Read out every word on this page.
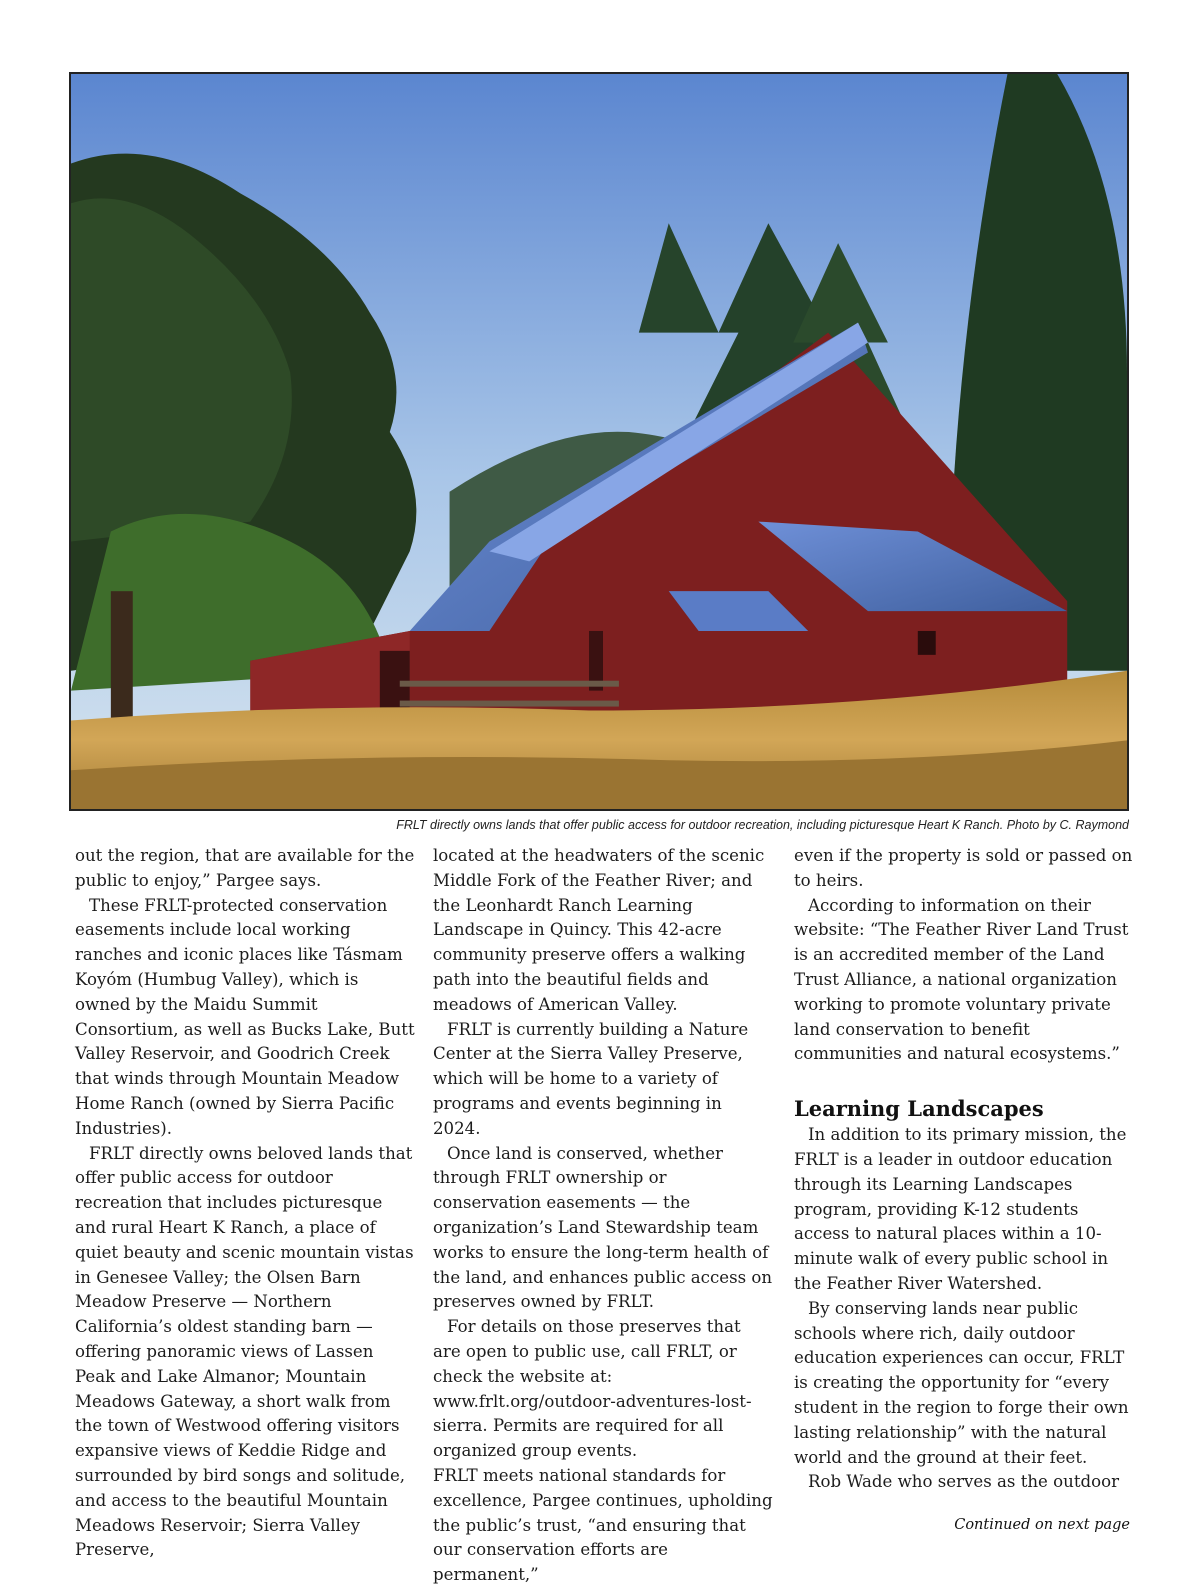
FRLT directly owns lands that offer public access for outdoor recreation, including picturesque Heart K Ranch. Photo by C. Raymond

out the region, that are available for the public to enjoy,” Pargee says.

These FRLT-protected conservation easements include local working ranches and iconic places like Tásmam Koyóm (Humbug Valley), which is owned by the Maidu Summit Consortium, as well as Bucks Lake, Butt Valley Reservoir, and Goodrich Creek that winds through Mountain Meadow Home Ranch (owned by Sierra Pacific Industries).

FRLT directly owns beloved lands that offer public access for outdoor recreation that includes picturesque and rural Heart K Ranch, a place of quiet beauty and scenic mountain vistas in Genesee Valley; the Olsen Barn Meadow Preserve — Northern California’s oldest standing barn — offering panoramic views of Lassen Peak and Lake Almanor; Mountain Meadows Gateway, a short walk from the town of Westwood offering visitors expansive views of Keddie Ridge and surrounded by bird songs and solitude, and access to the beautiful Mountain Meadows Reservoir; Sierra Valley Preserve,

located at the headwaters of the scenic Middle Fork of the Feather River; and the Leonhardt Ranch Learning Landscape in Quincy. This 42-acre community preserve offers a walking path into the beautiful fields and meadows of American Valley.

FRLT is currently building a Nature Center at the Sierra Valley Preserve, which will be home to a variety of programs and events beginning in 2024.

Once land is conserved, whether through FRLT ownership or conservation easements — the organization’s Land Stewardship team works to ensure the long-term health of the land, and enhances public access on preserves owned by FRLT.

For details on those preserves that are open to public use, call FRLT, or check the website at: www.frlt.org/outdoor-adventures-lost-sierra. Permits are required for all organized group events.

FRLT meets national standards for excellence, Pargee continues, upholding the public’s trust, “and ensuring that our conservation efforts are permanent,”

even if the property is sold or passed on to heirs.

According to information on their website: “The Feather River Land Trust is an accredited member of the Land Trust Alliance, a national organization working to promote voluntary private land conservation to benefit communities and natural ecosystems.”

Learning Landscapes

In addition to its primary mission, the FRLT is a leader in outdoor education through its Learning Landscapes program, providing K-12 students access to natural places within a 10-minute walk of every public school in the Feather River Watershed.

By conserving lands near public schools where rich, daily outdoor education experiences can occur, FRLT is creating the opportunity for “every student in the region to forge their own lasting relationship” with the natural world and the ground at their feet.

Rob Wade who serves as the outdoor

Continued on next page
